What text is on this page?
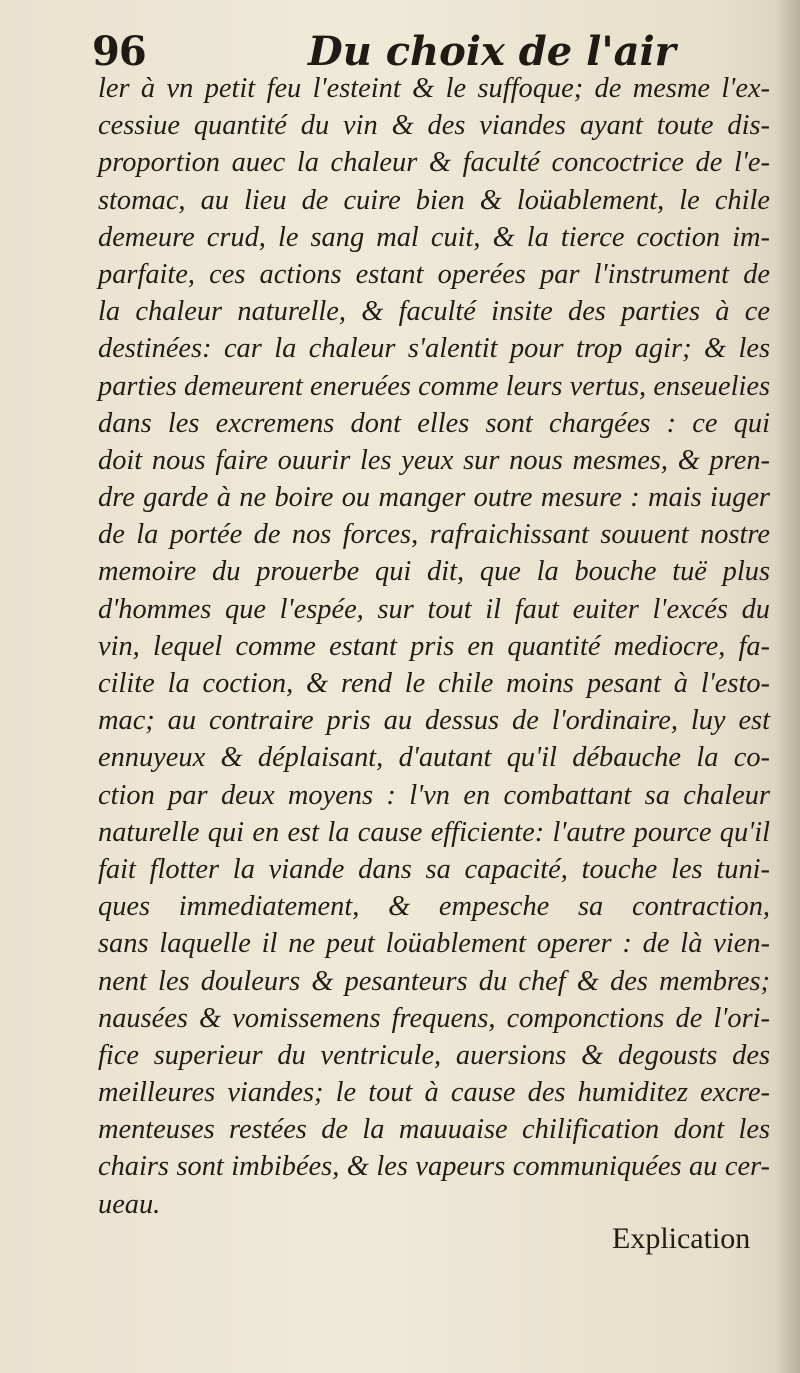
96	Du choix de l'air
ler à vn petit feu l'esteint & le suffoque; de mesme l'ex-
cessiue quantité du vin & des viandes ayant toute dis-
proportion auec la chaleur & faculté concoctrice de l'e-
stomac, au lieu de cuire bien & loüablement, le chile
demeure crud, le sang mal cuit, & la tierce coction im-
parfaite, ces actions estant operées par l'instrument de
la chaleur naturelle, & faculté insite des parties à ce
destinées: car la chaleur s'alentit pour trop agir; & les
parties demeurent eneruées comme leurs vertus, enseuelies
dans les excremens dont elles sont chargées : ce qui
doit nous faire ouurir les yeux sur nous mesmes, & pren-
dre garde à ne boire ou manger outre mesure : mais iuger
de la portée de nos forces, rafraichissant souuent nostre
memoire du prouerbe qui dit, que la bouche tuë plus
d'hommes que l'espée, sur tout il faut euiter l'excés du
vin, lequel comme estant pris en quantité mediocre, fa-
cilite la coction, & rend le chile moins pesant à l'esto-
mac; au contraire pris au dessus de l'ordinaire, luy est
ennuyeux & déplaisant, d'autant qu'il débauche la co-
ction par deux moyens : l'vn en combattant sa chaleur
naturelle qui en est la cause efficiente: l'autre pource qu'il
fait flotter la viande dans sa capacité, touche les tuni-
ques immediatement, & empesche sa contraction,
sans laquelle il ne peut loüablement operer : de là vien-
nent les douleurs & pesanteurs du chef & des membres;
nausées & vomissemens frequens, componctions de l'ori-
fice superieur du ventricule, auersions & degousts des
meilleures viandes; le tout à cause des humiditez excre-
menteuses restées de la mauuaise chilification dont les
chairs sont imbibées, & les vapeurs communiquées au cer-
ueau.
Explication
